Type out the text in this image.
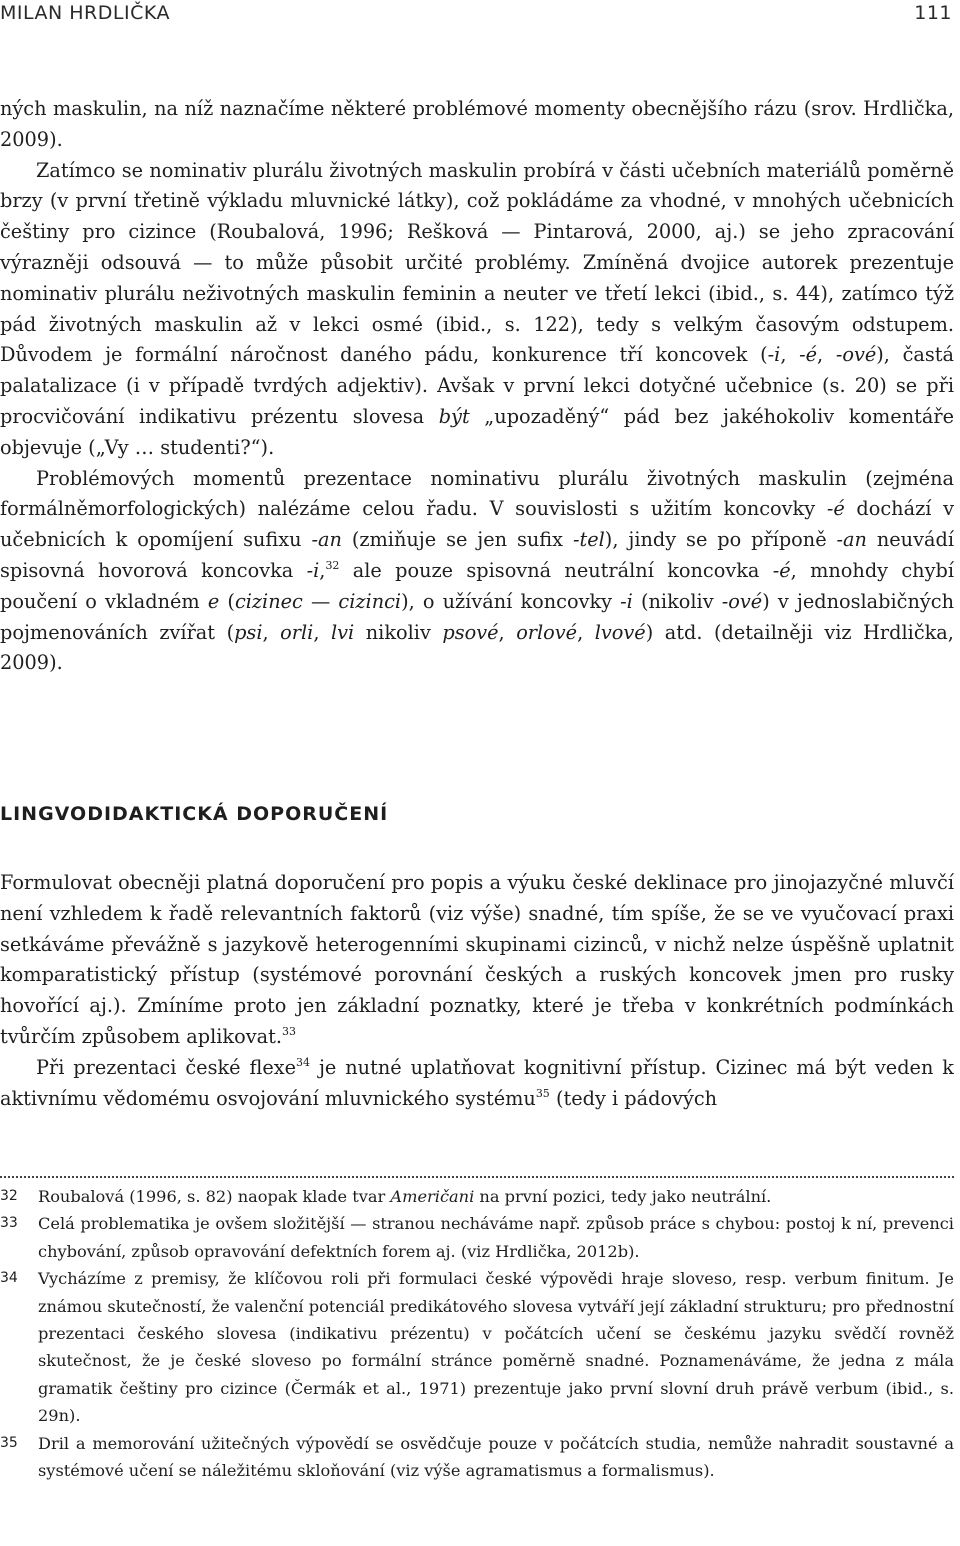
MILAN HRDLIČKA	111

ných maskulin, na níž naznačíme některé problémové momenty obecnějšího rázu (srov. Hrdlička, 2009).

Zatímco se nominativ plurálu životných maskulin probírá v části učebních materiálů poměrně brzy (v první třetině výkladu mluvnické látky), což pokládáme za vhodné, v mnohých učebnicích češtiny pro cizince (Roubalová, 1996; Rešková — Pintarová, 2000, aj.) se jeho zpracování výrazněji odsouvá — to může působit určité problémy. Zmíněná dvojice autorek prezentuje nominativ plurálu neživotných maskulin feminin a neuter ve třetí lekci (ibid., s. 44), zatímco týž pád životných maskulin až v lekci osmé (ibid., s. 122), tedy s velkým časovým odstupem. Důvodem je formální náročnost daného pádu, konkurence tří koncovek (-i, -é, -ové), častá palatalizace (i v případě tvrdých adjektiv). Avšak v první lekci dotyčné učebnice (s. 20) se při procvičování indikativu prézentu slovesa být „upozaděný“ pád bez jakéhokoliv komentáře objevuje („Vy … studenti?“).

Problémových momentů prezentace nominativu plurálu životných maskulin (zejména formálněmorfologických) nalézáme celou řadu. V souvislosti s užitím koncovky -é dochází v učebnicích k opomíjení sufixu -an (zmiňuje se jen sufix -tel), jindy se po příponě -an neuvádí spisovná hovorová koncovka -i,$^{32}$ ale pouze spisovná neutrální koncovka -é, mnohdy chybí poučení o vkladném e (cizinec — cizinci), o užívání koncovky -i (nikoliv -ové) v jednoslabičných pojmenováních zvířat (psi, orli, lvi nikoliv psové, orlové, lvové) atd. (detailněji viz Hrdlička, 2009).

LINGVODIDAKTICKÁ DOPORUČENÍ

Formulovat obecněji platná doporučení pro popis a výuku české deklinace pro jinojazyčné mluvčí není vzhledem k řadě relevantních faktorů (viz výše) snadné, tím spíše, že se ve vyučovací praxi setkáváme převážně s jazykově heterogenními skupinami cizinců, v nichž nelze úspěšně uplatnit komparatistický přístup (systémové porovnání českých a ruských koncovek jmen pro rusky hovořící aj.). Zmíníme proto jen základní poznatky, které je třeba v konkrétních podmínkách tvůrčím způsobem aplikovat.$^{33}$

Při prezentaci české flexe$^{34}$ je nutné uplatňovat kognitivní přístup. Cizinec má být veden k aktivnímu vědomému osvojování mluvnického systému$^{35}$ (tedy i pádových

32 Roubalová (1996, s. 82) naopak klade tvar Američani na první pozici, tedy jako neutrální.
33 Celá problematika je ovšem složitější — stranou necháváme např. způsob práce s chybou: postoj k ní, prevenci chybování, způsob opravování defektních forem aj. (viz Hrdlička, 2012b).
34 Vycházíme z premisy, že klíčovou roli při formulaci české výpovědi hraje sloveso, resp. verbum finitum. Je známou skutečností, že valenční potenciál predikátového slovesa vytváří její základní strukturu; pro přednostní prezentaci českého slovesa (indikativu prézentu) v počátcích učení se českému jazyku svědčí rovněž skutečnost, že je české sloveso po formální stránce poměrně snadné. Poznamenáváme, že jedna z mála gramatik češtiny pro cizince (Čermák et al., 1971) prezentuje jako první slovní druh právě verbum (ibid., s. 29n).
35 Dril a memorování užitečných výpovědí se osvědčuje pouze v počátcích studia, nemůže nahradit soustavné a systémové učení se náležitému skloňování (viz výše agramatismus a formalismus).
